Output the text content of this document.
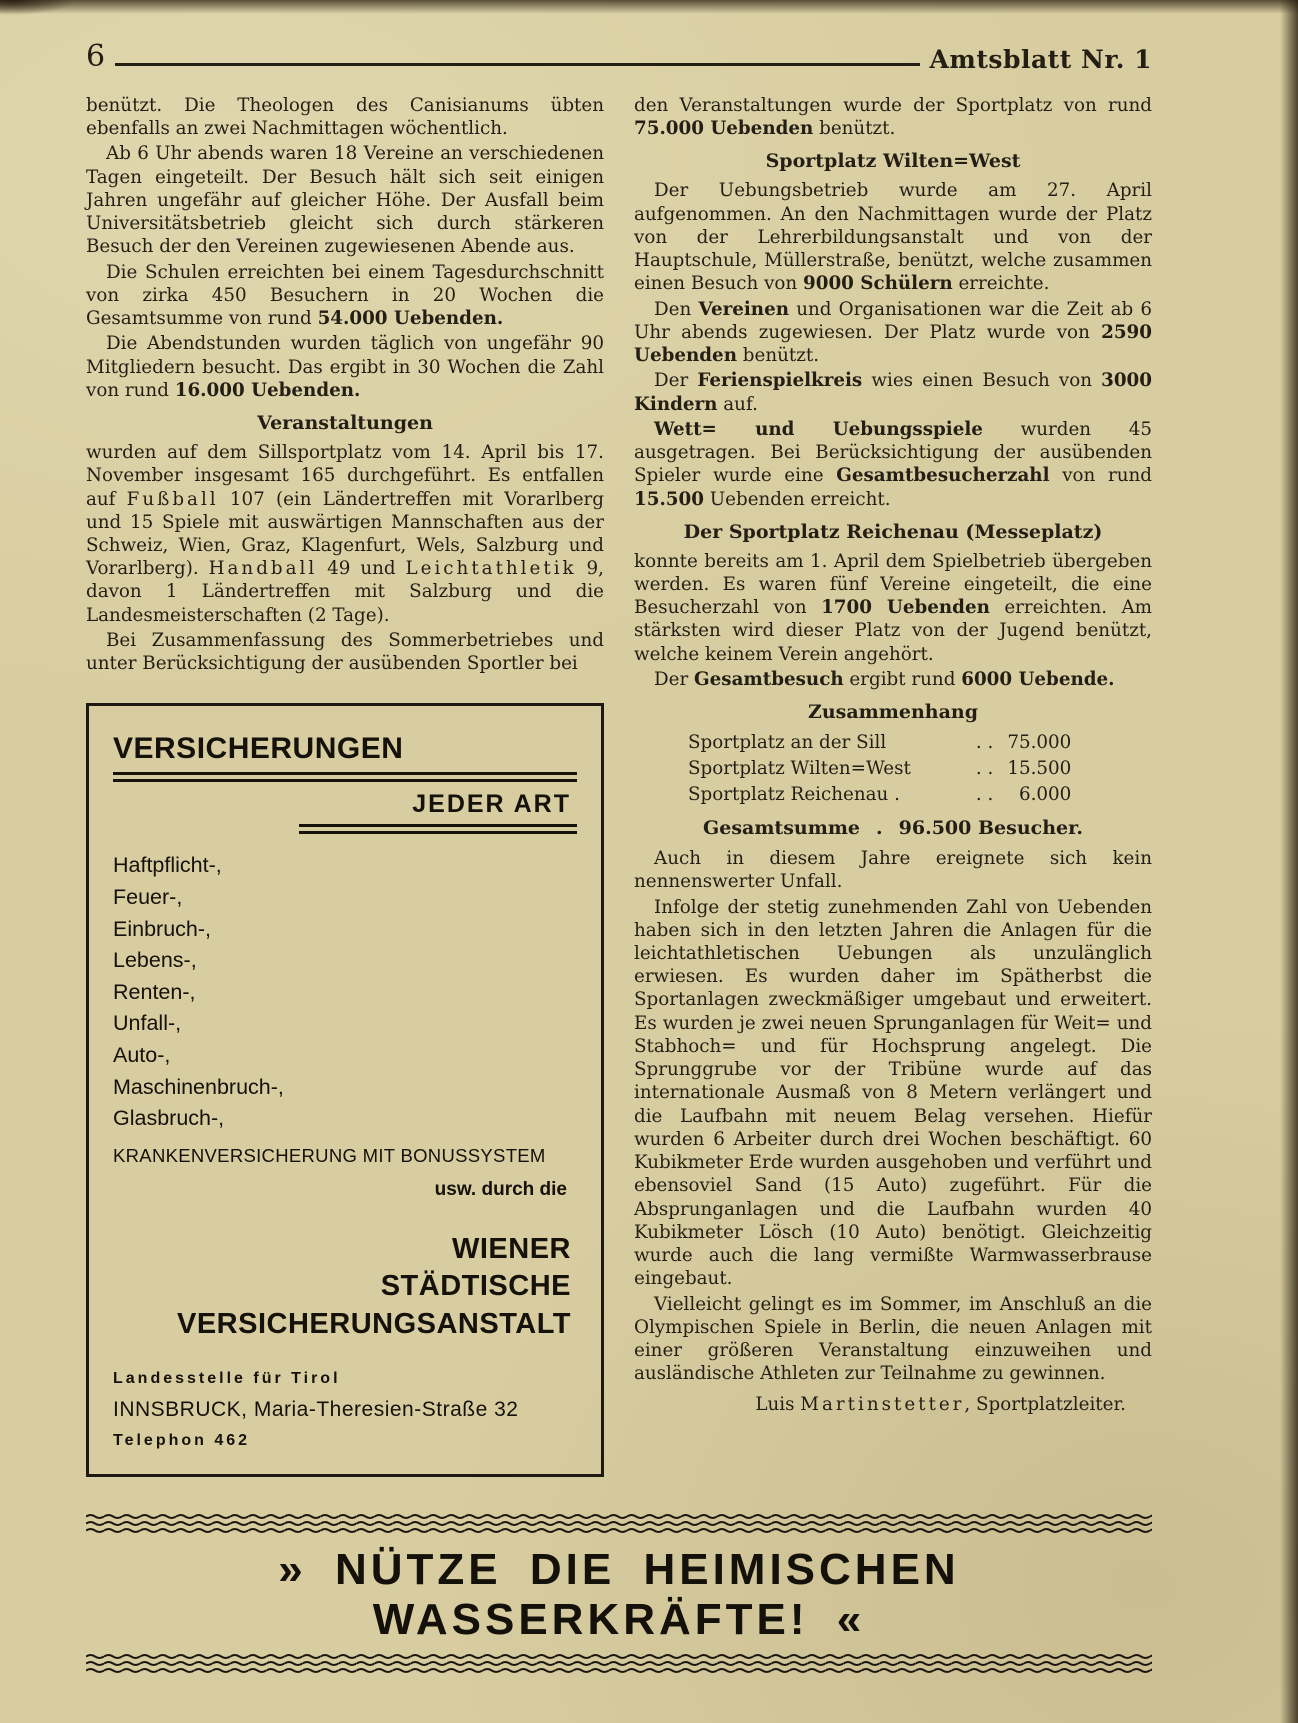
6	Amtsblatt Nr. 1

benützt. Die Theologen des Canisianums übten ebenfalls an zwei Nachmittagen wöchentlich.

Ab 6 Uhr abends waren 18 Vereine an verschiedenen Tagen eingeteilt. Der Besuch hält sich seit einigen Jahren ungefähr auf gleicher Höhe. Der Ausfall beim Universitätsbetrieb gleicht sich durch stärkeren Besuch der den Vereinen zugewiesenen Abende aus.

Die Schulen erreichten bei einem Tagesdurchschnitt von zirka 450 Besuchern in 20 Wochen die Gesamtsumme von rund 54.000 Uebenden.

Die Abendstunden wurden täglich von ungefähr 90 Mitgliedern besucht. Das ergibt in 30 Wochen die Zahl von rund 16.000 Uebenden.

Veranstaltungen

wurden auf dem Sillsportplatz vom 14. April bis 17. November insgesamt 165 durchgeführt. Es entfallen auf Fußball 107 (ein Ländertreffen mit Vorarlberg und 15 Spiele mit auswärtigen Mannschaften aus der Schweiz, Wien, Graz, Klagenfurt, Wels, Salzburg und Vorarlberg). Handball 49 und Leichtathletik 9, davon 1 Ländertreffen mit Salzburg und die Landesmeisterschaften (2 Tage).

Bei Zusammenfassung des Sommerbetriebes und unter Berücksichtigung der ausübenden Sportler bei

VERSICHERUNGEN
JEDER ART
Haftpflicht-,
Feuer-,
Einbruch-,
Lebens-,
Renten-,
Unfall-,
Auto-,
Maschinenbruch-,
Glasbruch-,
KRANKENVERSICHERUNG MIT BONUSSYSTEM
usw. durch die
WIENER
STÄDTISCHE
VERSICHERUNGSANSTALT
Landesstelle für Tirol
INNSBRUCK, Maria-Theresien-Straße 32
Telephon 462

den Veranstaltungen wurde der Sportplatz von rund 75.000 Uebenden benützt.

Sportplatz Wilten=West

Der Uebungsbetrieb wurde am 27. April aufgenommen. An den Nachmittagen wurde der Platz von der Lehrerbildungsanstalt und von der Hauptschule, Müllerstraße, benützt, welche zusammen einen Besuch von 9000 Schülern erreichte.

Den Vereinen und Organisationen war die Zeit ab 6 Uhr abends zugewiesen. Der Platz wurde von 2590 Uebenden benützt.

Der Ferienspielkreis wies einen Besuch von 3000 Kindern auf.

Wett= und Uebungsspiele wurden 45 ausgetragen. Bei Berücksichtigung der ausübenden Spieler wurde eine Gesamtbesucherzahl von rund 15.500 Uebenden erreicht.

Der Sportplatz Reichenau (Messeplatz)

konnte bereits am 1. April dem Spielbetrieb übergeben werden. Es waren fünf Vereine eingeteilt, die eine Besucherzahl von 1700 Uebenden erreichten. Am stärksten wird dieser Platz von der Jugend benützt, welche keinem Verein angehört.

Der Gesamtbesuch ergibt rund 6000 Uebende.

Zusammenhang
Sportplatz an der Sill	. . 75.000
Sportplatz Wilten=West	. . 15.500
Sportplatz Reichenau .	. .	6.000
Gesamtsumme . 96.500 Besucher.

Auch in diesem Jahre ereignete sich kein nennenswerter Unfall.

Infolge der stetig zunehmenden Zahl von Uebenden haben sich in den letzten Jahren die Anlagen für die leichtathletischen Uebungen als unzulänglich erwiesen. Es wurden daher im Spätherbst die Sportanlagen zweckmäßiger umgebaut und erweitert. Es wurden je zwei neuen Sprunganlagen für Weit= und Stabhoch= und für Hochsprung angelegt. Die Sprunggrube vor der Tribüne wurde auf das internationale Ausmaß von 8 Metern verlängert und die Laufbahn mit neuem Belag versehen. Hiefür wurden 6 Arbeiter durch drei Wochen beschäftigt. 60 Kubikmeter Erde wurden ausgehoben und verführt und ebensoviel Sand (15 Auto) zugeführt. Für die Absprunganlagen und die Laufbahn wurden 40 Kubikmeter Lösch (10 Auto) benötigt. Gleichzeitig wurde auch die lang vermißte Warmwasserbrause eingebaut.

Vielleicht gelingt es im Sommer, im Anschluß an die Olympischen Spiele in Berlin, die neuen Anlagen mit einer größeren Veranstaltung einzuweihen und ausländische Athleten zur Teilnahme zu gewinnen.

Luis Martinstetter, Sportplatzleiter.

» NÜTZE DIE HEIMISCHEN WASSERKRÄFTE! «
